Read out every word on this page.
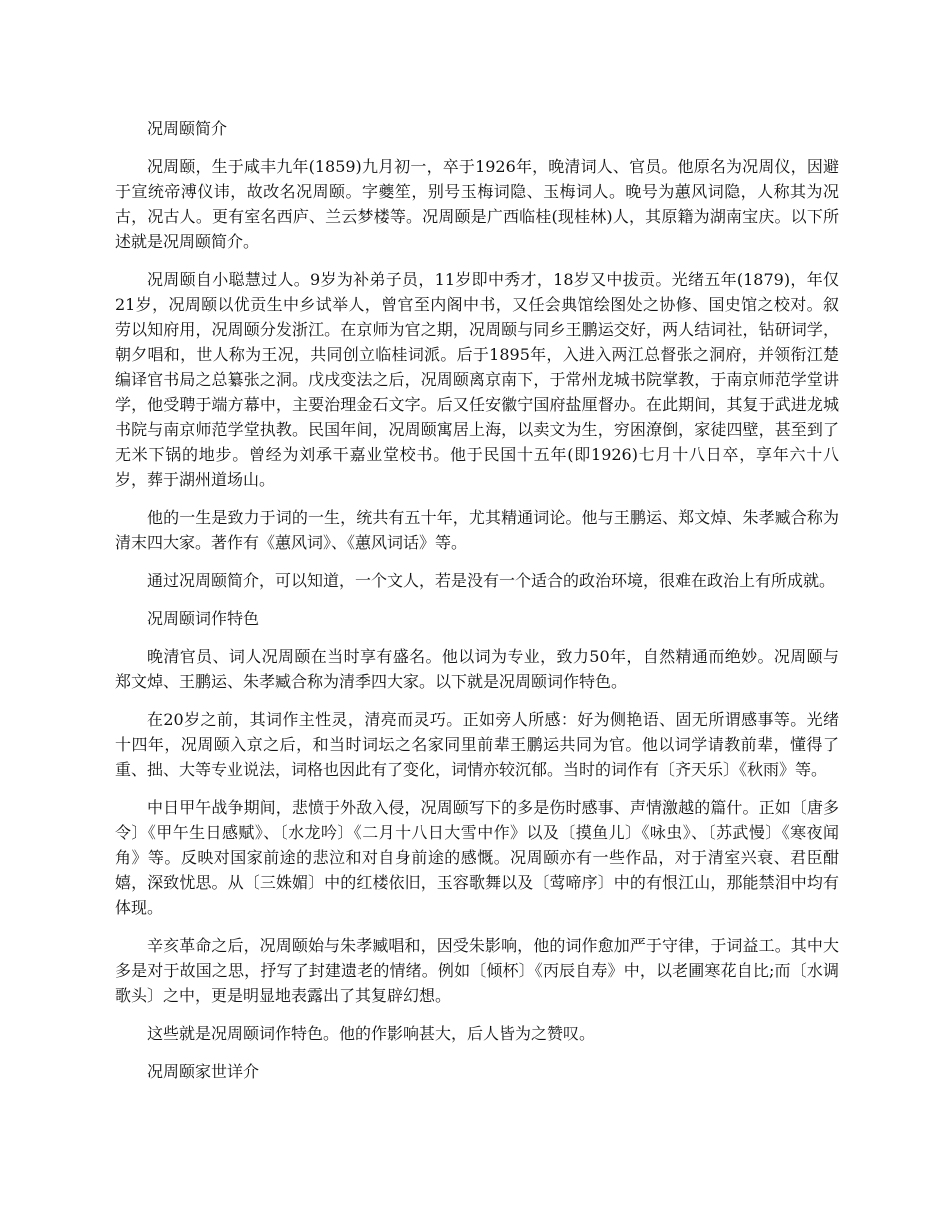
况周颐简介

况周颐，生于咸丰九年(1859)九月初一，卒于1926年，晚清词人、官员。他原名为况周仪，因避于宣统帝溥仪讳，故改名况周颐。字夔笙，别号玉梅词隐、玉梅词人。晚号为蕙风词隐，人称其为况古，况古人。更有室名西庐、兰云梦楼等。况周颐是广西临桂(现桂林)人，其原籍为湖南宝庆。以下所述就是况周颐简介。

况周颐自小聪慧过人。9岁为补弟子员，11岁即中秀才，18岁又中拔贡。光绪五年(1879)，年仅21岁，况周颐以优贡生中乡试举人，曾官至内阁中书，又任会典馆绘图处之协修、国史馆之校对。叙劳以知府用，况周颐分发浙江。在京师为官之期，况周颐与同乡王鹏运交好，两人结词社，钻研词学，朝夕唱和，世人称为王况，共同创立临桂词派。后于1895年，入进入两江总督张之洞府，并领衔江楚编译官书局之总纂张之洞。戊戌变法之后，况周颐离京南下，于常州龙城书院掌教，于南京师范学堂讲学，他受聘于端方幕中，主要治理金石文字。后又任安徽宁国府盐厘督办。在此期间，其复于武进龙城书院与南京师范学堂执教。民国年间，况周颐寓居上海，以卖文为生，穷困潦倒，家徒四壁，甚至到了无米下锅的地步。曾经为刘承干嘉业堂校书。他于民国十五年(即1926)七月十八日卒，享年六十八岁，葬于湖州道场山。

他的一生是致力于词的一生，统共有五十年，尤其精通词论。他与王鹏运、郑文焯、朱孝臧合称为清末四大家。著作有《蕙风词》、《蕙风词话》等。

通过况周颐简介，可以知道，一个文人，若是没有一个适合的政治环境，很难在政治上有所成就。

况周颐词作特色

晚清官员、词人况周颐在当时享有盛名。他以词为专业，致力50年，自然精通而绝妙。况周颐与郑文焯、王鹏运、朱孝臧合称为清季四大家。以下就是况周颐词作特色。

在20岁之前，其词作主性灵，清亮而灵巧。正如旁人所感：好为侧艳语、固无所谓感事等。光绪十四年，况周颐入京之后，和当时词坛之名家同里前辈王鹏运共同为官。他以词学请教前辈，懂得了重、拙、大等专业说法，词格也因此有了变化，词情亦较沉郁。当时的词作有〔齐天乐〕《秋雨》等。

中日甲午战争期间，悲愤于外敌入侵，况周颐写下的多是伤时感事、声情激越的篇什。正如〔唐多令〕《甲午生日感赋》、〔水龙吟〕《二月十八日大雪中作》以及〔摸鱼儿〕《咏虫》、〔苏武慢〕《寒夜闻角》等。反映对国家前途的悲泣和对自身前途的感慨。况周颐亦有一些作品，对于清室兴衰、君臣酣嬉，深致忧思。从〔三姝媚〕中的红楼依旧，玉容歌舞以及〔莺啼序〕中的有恨江山，那能禁泪中均有体现。

辛亥革命之后，况周颐始与朱孝臧唱和，因受朱影响，他的词作愈加严于守律，于词益工。其中大多是对于故国之思，抒写了封建遗老的情绪。例如〔倾杯〕《丙辰自寿》中，以老圃寒花自比;而〔水调歌头〕之中，更是明显地表露出了其复辟幻想。

这些就是况周颐词作特色。他的作影响甚大，后人皆为之赞叹。

况周颐家世详介
